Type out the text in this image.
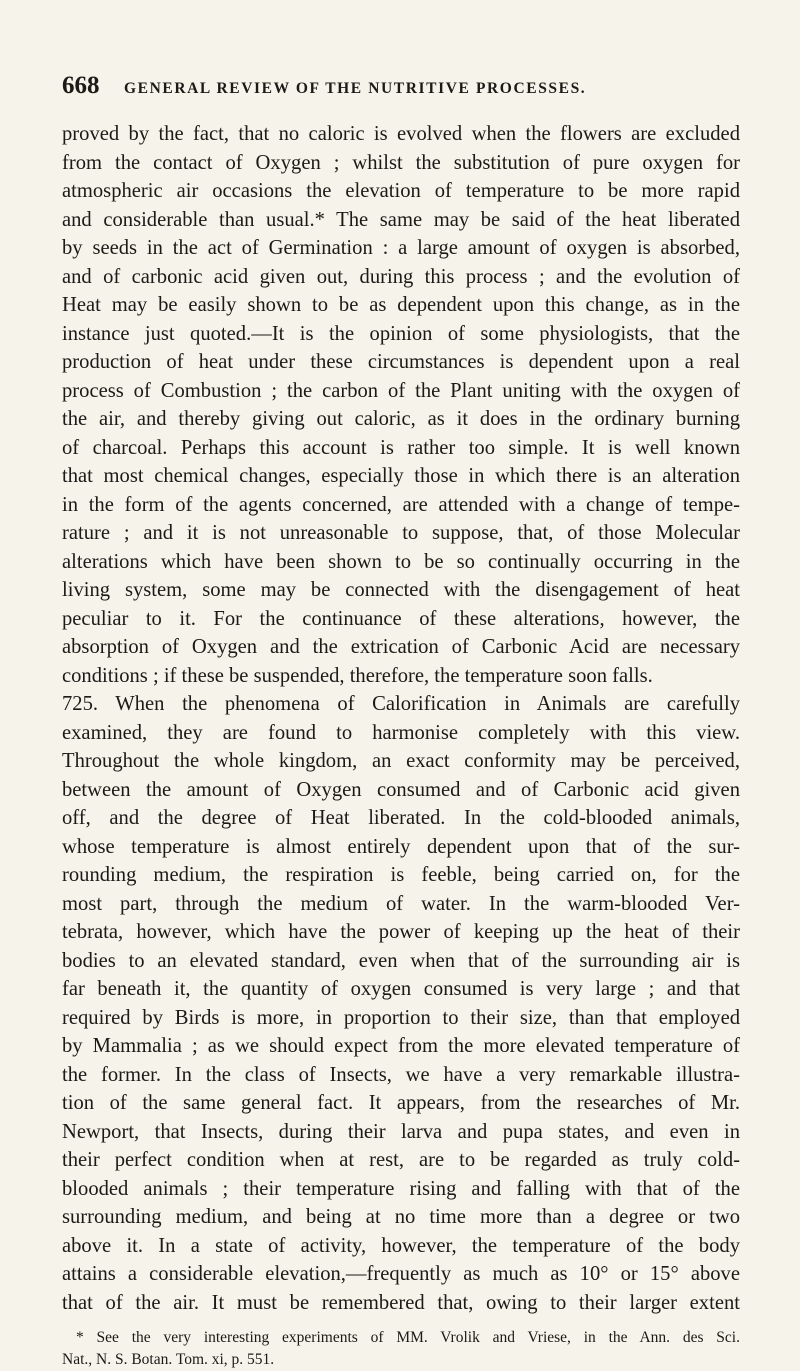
668	GENERAL REVIEW OF THE NUTRITIVE PROCESSES.
proved by the fact, that no caloric is evolved when the flowers are excluded
from the contact of Oxygen ; whilst the substitution of pure oxygen for
atmospheric air occasions the elevation of temperature to be more rapid
and considerable than usual.* The same may be said of the heat liberated
by seeds in the act of Germination : a large amount of oxygen is absorbed,
and of carbonic acid given out, during this process ; and the evolution of
Heat may be easily shown to be as dependent upon this change, as in the
instance just quoted.—It is the opinion of some physiologists, that the
production of heat under these circumstances is dependent upon a real
process of Combustion ; the carbon of the Plant uniting with the oxygen of
the air, and thereby giving out caloric, as it does in the ordinary burning
of charcoal. Perhaps this account is rather too simple. It is well known
that most chemical changes, especially those in which there is an alteration
in the form of the agents concerned, are attended with a change of tempe-
rature ; and it is not unreasonable to suppose, that, of those Molecular
alterations which have been shown to be so continually occurring in the
living system, some may be connected with the disengagement of heat
peculiar to it. For the continuance of these alterations, however, the
absorption of Oxygen and the extrication of Carbonic Acid are necessary
conditions ; if these be suspended, therefore, the temperature soon falls.
725. When the phenomena of Calorification in Animals are carefully
examined, they are found to harmonise completely with this view.
Throughout the whole kingdom, an exact conformity may be perceived,
between the amount of Oxygen consumed and of Carbonic acid given
off, and the degree of Heat liberated. In the cold-blooded animals,
whose temperature is almost entirely dependent upon that of the sur-
rounding medium, the respiration is feeble, being carried on, for the
most part, through the medium of water. In the warm-blooded Ver-
tebrata, however, which have the power of keeping up the heat of their
bodies to an elevated standard, even when that of the surrounding air is
far beneath it, the quantity of oxygen consumed is very large ; and that
required by Birds is more, in proportion to their size, than that employed
by Mammalia ; as we should expect from the more elevated temperature of
the former. In the class of Insects, we have a very remarkable illustra-
tion of the same general fact. It appears, from the researches of Mr.
Newport, that Insects, during their larva and pupa states, and even in
their perfect condition when at rest, are to be regarded as truly cold-
blooded animals ; their temperature rising and falling with that of the
surrounding medium, and being at no time more than a degree or two
above it. In a state of activity, however, the temperature of the body
attains a considerable elevation,—frequently as much as 10° or 15° above
that of the air. It must be remembered that, owing to their larger extent
* See the very interesting experiments of MM. Vrolik and Vriese, in the Ann. des Sci.
Nat., N. S. Botan. Tom. xi, p. 551.
